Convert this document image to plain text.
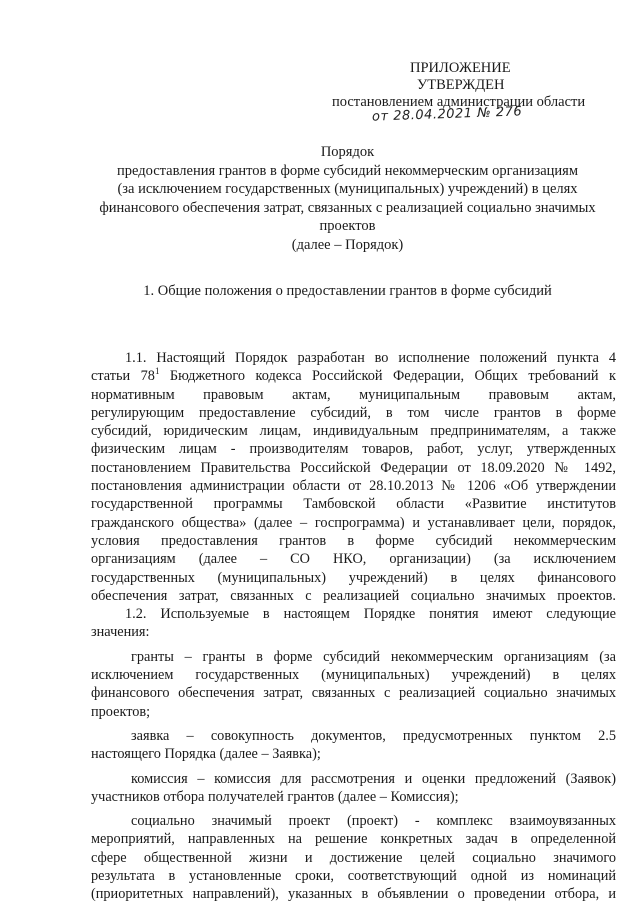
ПРИЛОЖЕНИЕ
УТВЕРЖДЕН
постановлением администрации области
от 28.04.2021 № 276
Порядок
предоставления грантов в форме субсидий некоммерческим организациям
(за исключением государственных (муниципальных) учреждений) в целях
финансового обеспечения затрат, связанных с реализацией социально значимых
проектов
(далее – Порядок)
1. Общие положения о предоставлении грантов в форме субсидий
1.1. Настоящий Порядок разработан во исполнение положений пункта 4
статьи $78^1$ Бюджетного кодекса Российской Федерации, Общих требований к
нормативным правовым актам, муниципальным правовым актам,
регулирующим предоставление субсидий, в том числе грантов в форме
субсидий, юридическим лицам, индивидуальным предпринимателям, а также
физическим лицам - производителям товаров, работ, услуг, утвержденных
постановлением Правительства Российской Федерации от 18.09.2020 № 1492,
постановления администрации области от 28.10.2013 № 1206 «Об утверждении
государственной программы Тамбовской области «Развитие институтов
гражданского общества» (далее – госпрограмма) и устанавливает цели, порядок,
условия предоставления грантов в форме субсидий некоммерческим
организациям (далее – СО НКО, организации) (за исключением
государственных (муниципальных) учреждений) в целях финансового
обеспечения затрат, связанных с реализацией социально значимых проектов.
1.2. Используемые в настоящем Порядке понятия имеют следующие
значения:
гранты – гранты в форме субсидий некоммерческим организациям (за
исключением государственных (муниципальных) учреждений) в целях
финансового обеспечения затрат, связанных с реализацией социально значимых
проектов;
заявка – совокупность документов, предусмотренных пунктом 2.5
настоящего Порядка (далее – Заявка);
комиссия – комиссия для рассмотрения и оценки предложений (Заявок)
участников отбора получателей грантов (далее – Комиссия);
социально значимый проект (проект) - комплекс взаимоувязанных
мероприятий, направленных на решение конкретных задач в определенной
сфере общественной жизни и достижение целей социально значимого
результата в установленные сроки, соответствующий одной из номинаций
(приоритетных направлений), указанных в объявлении о проведении отбора, и
